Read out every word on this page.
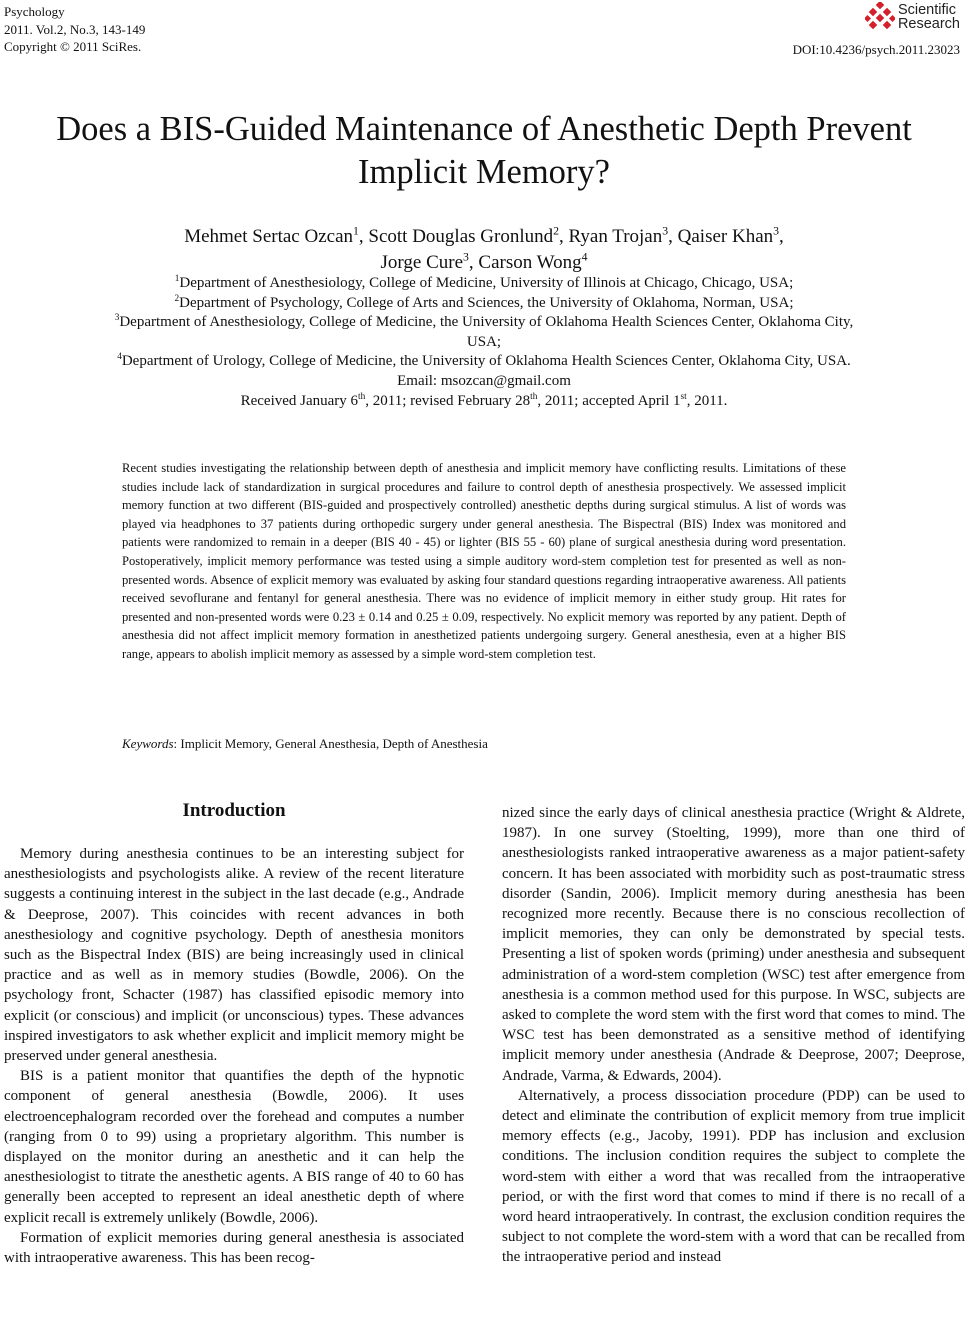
Psychology
2011. Vol.2, No.3, 143-149
Copyright © 2011 SciRes.
Scientific
Research
DOI:10.4236/psych.2011.23023
Does a BIS-Guided Maintenance of Anesthetic Depth Prevent Implicit Memory?
Mehmet Sertac Ozcan$^1$, Scott Douglas Gronlund$^2$, Ryan Trojan$^3$, Qaiser Khan$^3$,
Jorge Cure$^3$, Carson Wong$^4$
$^1$Department of Anesthesiology, College of Medicine, University of Illinois at Chicago, Chicago, USA;
$^2$Department of Psychology, College of Arts and Sciences, the University of Oklahoma, Norman, USA;
$^3$Department of Anesthesiology, College of Medicine, the University of Oklahoma Health Sciences Center, Oklahoma City, USA;
$^4$Department of Urology, College of Medicine, the University of Oklahoma Health Sciences Center, Oklahoma City, USA.
Email: msozcan@gmail.com
Received January 6th, 2011; revised February 28th, 2011; accepted April 1st, 2011.
Recent studies investigating the relationship between depth of anesthesia and implicit memory have conflicting results. Limitations of these studies include lack of standardization in surgical procedures and failure to control depth of anesthesia prospectively. We assessed implicit memory function at two different (BIS-guided and prospectively controlled) anesthetic depths during surgical stimulus. A list of words was played via headphones to 37 patients during orthopedic surgery under general anesthesia. The Bispectral (BIS) Index was monitored and patients were randomized to remain in a deeper (BIS 40 - 45) or lighter (BIS 55 - 60) plane of surgical anesthesia during word presentation. Postoperatively, implicit memory performance was tested using a simple auditory word-stem completion test for presented as well as non-presented words. Absence of explicit memory was evaluated by asking four standard questions regarding intraoperative awareness. All patients received sevoflurane and fentanyl for general anesthesia. There was no evidence of implicit memory in either study group. Hit rates for presented and non-presented words were 0.23 ± 0.14 and 0.25 ± 0.09, respectively. No explicit memory was reported by any patient. Depth of anesthesia did not affect implicit memory formation in anesthetized patients undergoing surgery. General anesthesia, even at a higher BIS range, appears to abolish implicit memory as assessed by a simple word-stem completion test.
Keywords: Implicit Memory, General Anesthesia, Depth of Anesthesia
Introduction

Memory during anesthesia continues to be an interesting subject for anesthesiologists and psychologists alike. A review of the recent literature suggests a continuing interest in the subject in the last decade (e.g., Andrade & Deeprose, 2007). This coincides with recent advances in both anesthesiology and cognitive psychology. Depth of anesthesia monitors such as the Bispectral Index (BIS) are being increasingly used in clinical practice and as well as in memory studies (Bowdle, 2006). On the psychology front, Schacter (1987) has classified episodic memory into explicit (or conscious) and implicit (or unconscious) types. These advances inspired investigators to ask whether explicit and implicit memory might be preserved under general anesthesia.

BIS is a patient monitor that quantifies the depth of the hypnotic component of general anesthesia (Bowdle, 2006). It uses electroencephalogram recorded over the forehead and computes a number (ranging from 0 to 99) using a proprietary algorithm. This number is displayed on the monitor during an anesthetic and it can help the anesthesiologist to titrate the anesthetic agents. A BIS range of 40 to 60 has generally been accepted to represent an ideal anesthetic depth of where explicit recall is extremely unlikely (Bowdle, 2006).

Formation of explicit memories during general anesthesia is associated with intraoperative awareness. This has been recog-

nized since the early days of clinical anesthesia practice (Wright & Aldrete, 1987). In one survey (Stoelting, 1999), more than one third of anesthesiologists ranked intraoperative awareness as a major patient-safety concern. It has been associated with morbidity such as post-traumatic stress disorder (Sandin, 2006). Implicit memory during anesthesia has been recognized more recently. Because there is no conscious recollection of implicit memories, they can only be demonstrated by special tests. Presenting a list of spoken words (priming) under anesthesia and subsequent administration of a word-stem completion (WSC) test after emergence from anesthesia is a common method used for this purpose. In WSC, subjects are asked to complete the word stem with the first word that comes to mind. The WSC test has been demonstrated as a sensitive method of identifying implicit memory under anesthesia (Andrade & Deeprose, 2007; Deeprose, Andrade, Varma, & Edwards, 2004).

Alternatively, a process dissociation procedure (PDP) can be used to detect and eliminate the contribution of explicit memory from true implicit memory effects (e.g., Jacoby, 1991). PDP has inclusion and exclusion conditions. The inclusion condition requires the subject to complete the word-stem with either a word that was recalled from the intraoperative period, or with the first word that comes to mind if there is no recall of a word heard intraoperatively. In contrast, the exclusion condition requires the subject to not complete the word-stem with a word that can be recalled from the intraoperative period and instead
